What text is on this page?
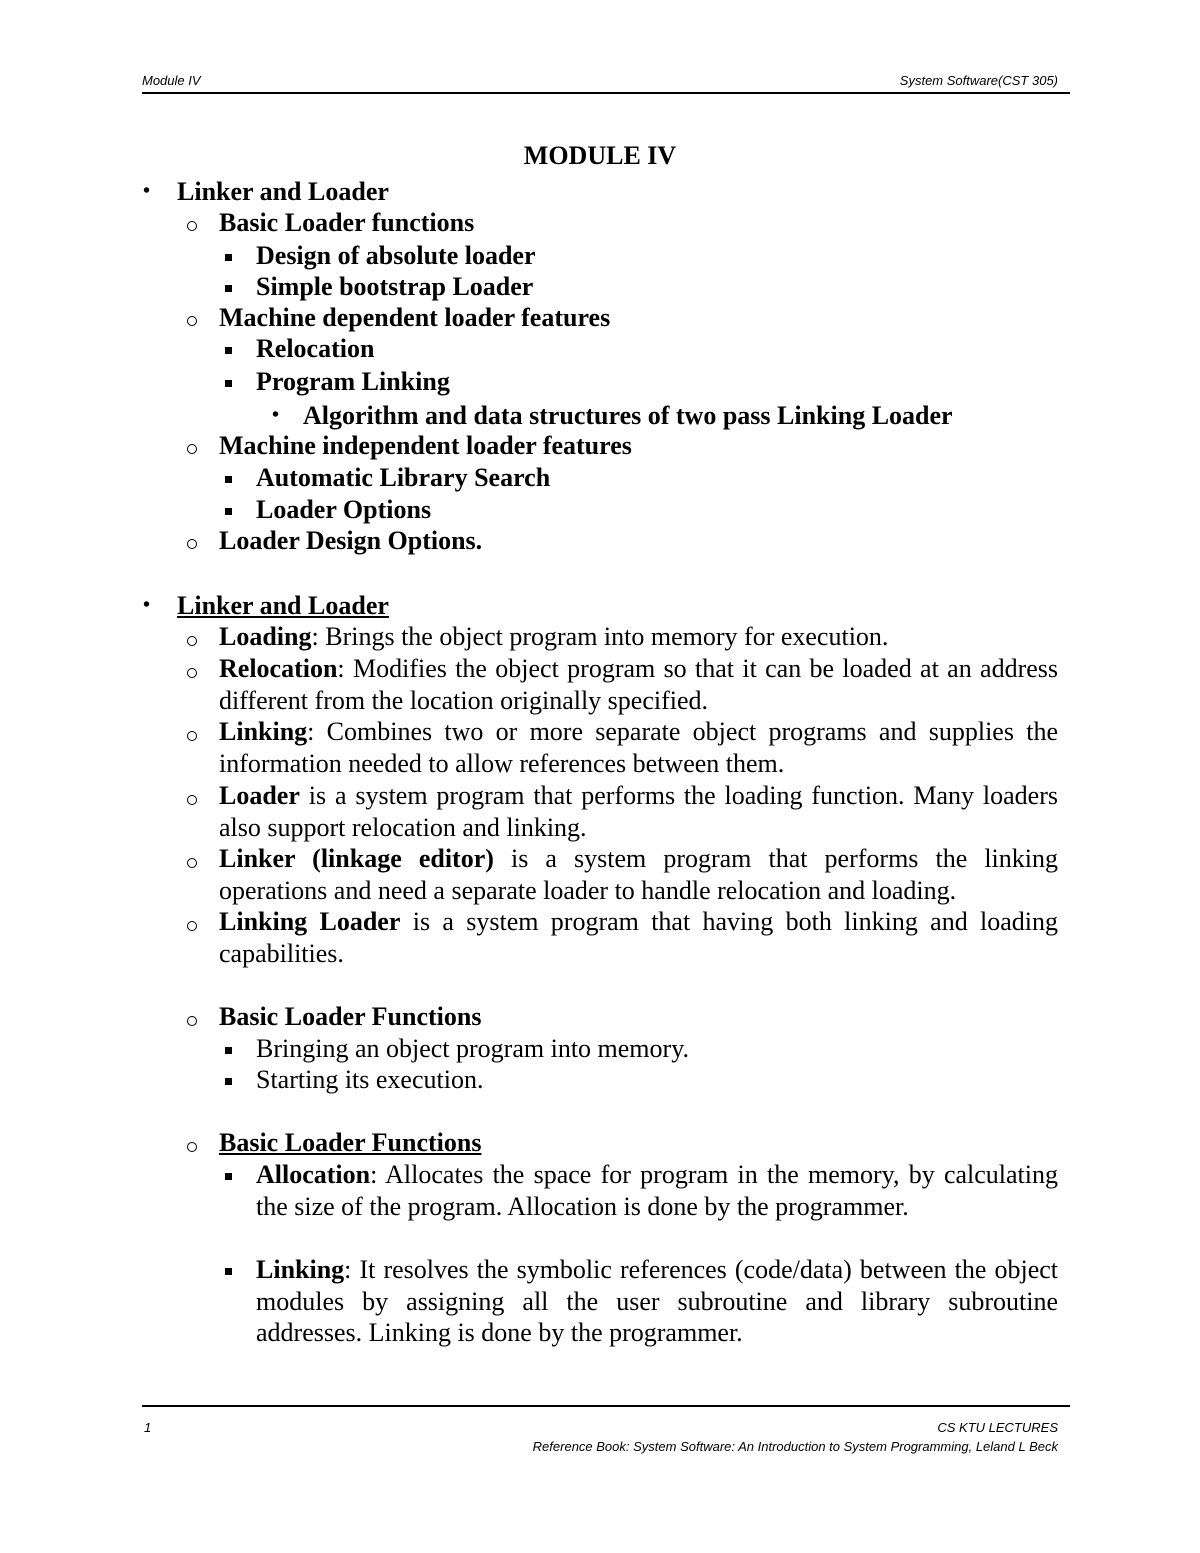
Module IV	System Software(CST 305)
MODULE IV
• Linker and Loader
Basic Loader functions
Design of absolute loader
Simple bootstrap Loader
Machine dependent loader features
Relocation
Program Linking
• Algorithm and data structures of two pass Linking Loader
Machine independent loader features
Automatic Library Search
Loader Options
Loader Design Options.
• Linker and Loader
Loading: Brings the object program into memory for execution.
Relocation: Modifies the object program so that it can be loaded at an address different from the location originally specified.
Linking: Combines two or more separate object programs and supplies the information needed to allow references between them.
Loader is a system program that performs the loading function. Many loaders also support relocation and linking.
Linker (linkage editor) is a system program that performs the linking operations and need a separate loader to handle relocation and loading.
Linking Loader is a system program that having both linking and loading capabilities.
Basic Loader Functions
Bringing an object program into memory.
Starting its execution.
Basic Loader Functions
Allocation: Allocates the space for program in the memory, by calculating the size of the program. Allocation is done by the programmer.
Linking: It resolves the symbolic references (code/data) between the object modules by assigning all the user subroutine and library subroutine addresses. Linking is done by the programmer.
1	CS KTU LECTURES
Reference Book: System Software: An Introduction to System Programming, Leland L Beck
